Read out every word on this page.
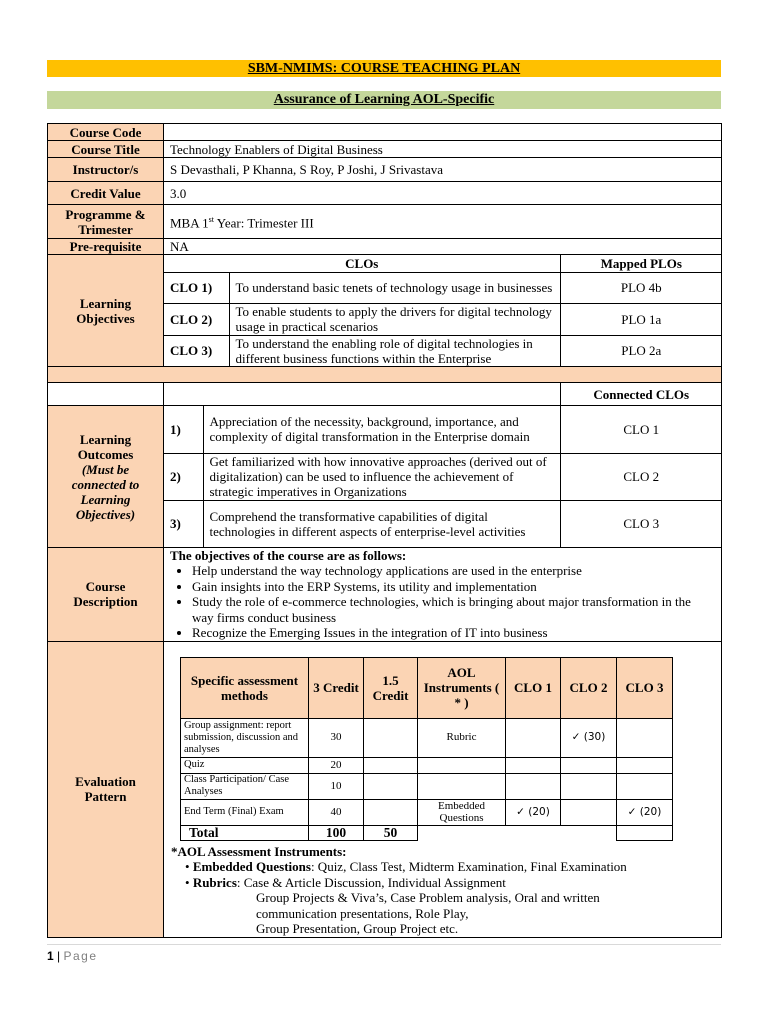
SBM-NMIMS: COURSE TEACHING PLAN
Assurance of Learning AOL-Specific
Course Code	
Course Title	Technology Enablers of Digital Business
Instructor/s	S Devasthali, P Khanna, S Roy, P Joshi, J Srivastava
Credit Value	3.0
Programme & Trimester	MBA 1st Year: Trimester III
Pre-requisite	NA
Learning Objectives	
CLOs	Mapped PLOs
CLO 1)	To understand basic tenets of technology usage in businesses	PLO 4b
CLO 2)	To enable students to apply the drivers for digital technology usage in practical scenarios	PLO 1a
CLO 3)	To understand the enabling role of digital technologies in different business functions within the Enterprise	PLO 2a

	Connected CLOs

Learning Outcomes
(Must be connected to Learning Objectives)

1)	Appreciation of the necessity, background, importance, and complexity of digital transformation in the Enterprise domain	CLO 1
2)	Get familiarized with how innovative approaches (derived out of digitalization) can be used to influence the achievement of strategic imperatives in Organizations	CLO 2
3)	Comprehend the transformative capabilities of digital technologies in different aspects of enterprise-level activities	CLO 3

Course Description	
The objectives of the course are as follows:
• Help understand the way technology applications are used in the enterprise
• Gain insights into the ERP Systems, its utility and implementation
• Study the role of e-commerce technologies, which is bringing about major transformation in the way firms conduct business
• Recognize the Emerging Issues in the integration of IT into business

Evaluation Pattern	
Specific assessment methods	3 Credit	1.5 Credit	AOL Instruments ( * )	CLO 1	CLO 2	CLO 3
Group assignment: report submission, discussion and analyses	30		Rubric		✓ (30)	
Quiz	20					
Class Participation/ Case Analyses	10					
End Term (Final) Exam	40		Embedded Questions	✓ (20)		✓ (20)
Total	100	50				
*AOL Assessment Instruments:
• Embedded Questions: Quiz, Class Test, Midterm Examination, Final Examination
• Rubrics: Case & Article Discussion, Individual Assignment
Group Projects & Viva’s, Case Problem analysis, Oral and written
communication presentations, Role Play,
Group Presentation, Group Project etc.
1 | Page
